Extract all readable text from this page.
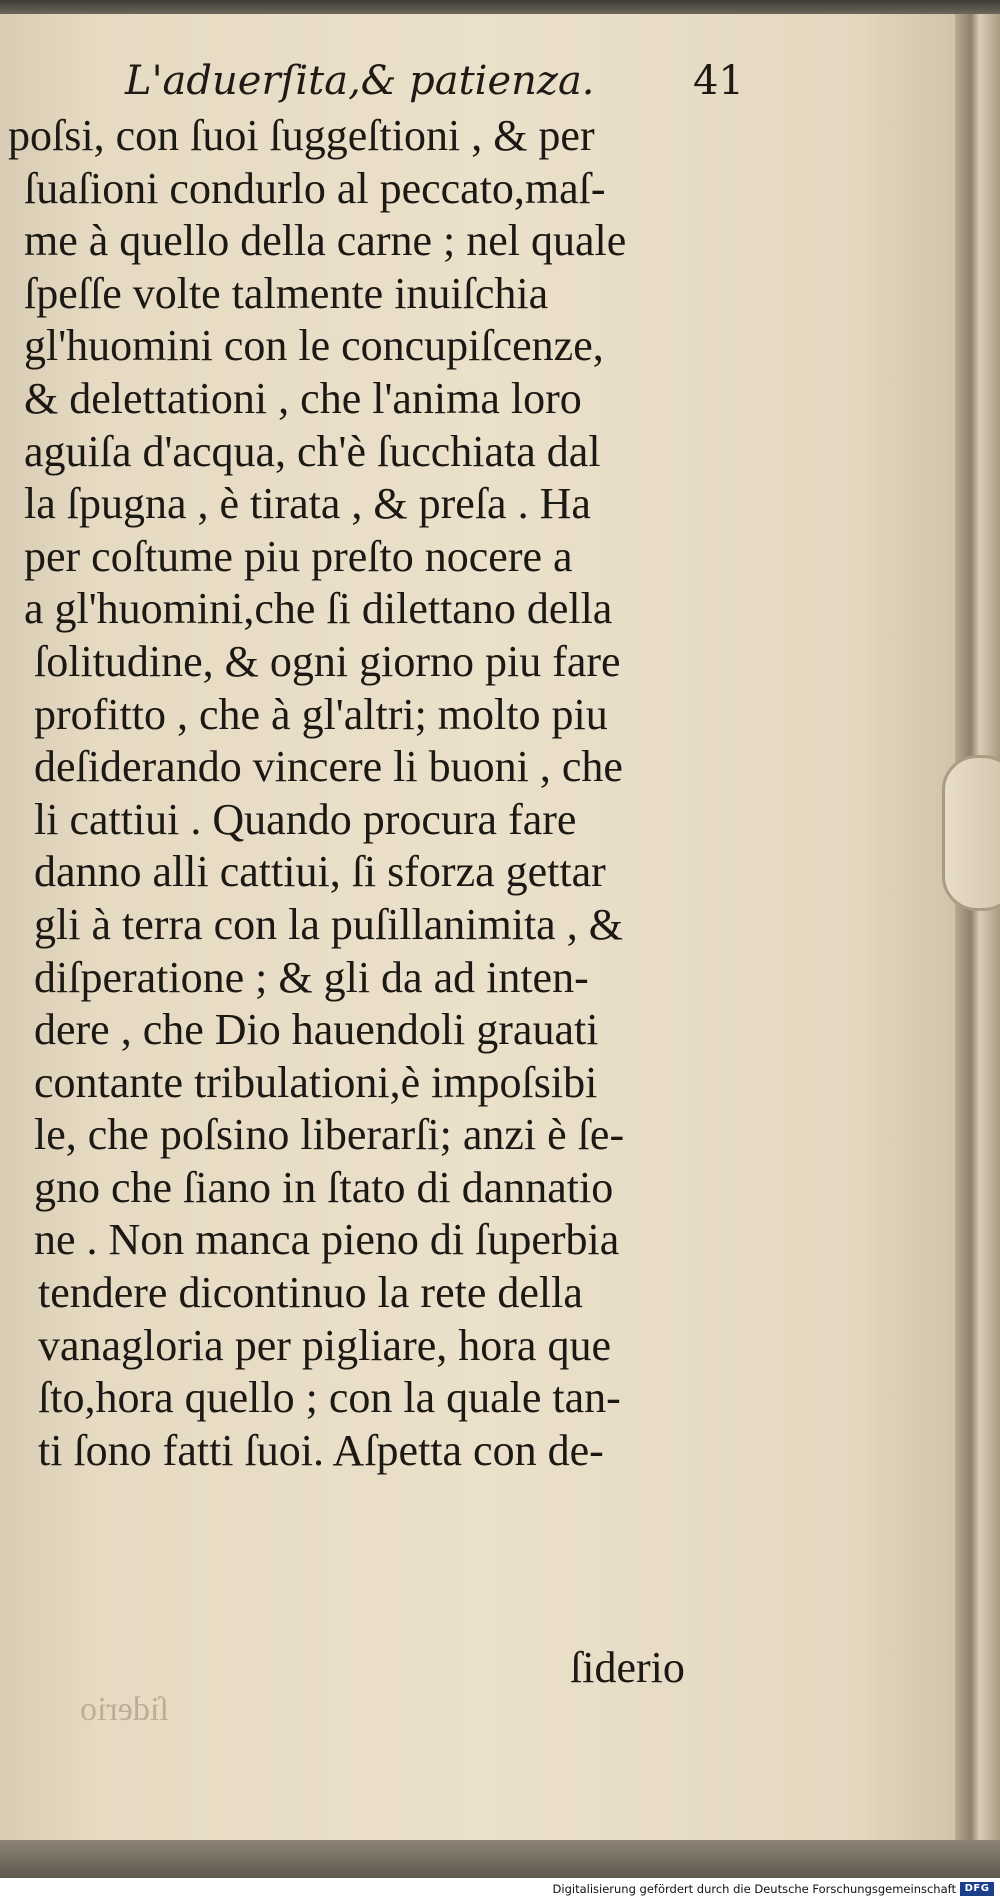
L'aduerſita,& patienza. 41
poſsi, con ſuoi ſuggeſtioni , & per
ſuaſioni condurlo al peccato,maſ-
me à quello della carne ; nel quale
ſpeſſe volte talmente inuiſchia
gl'huomini con le concupiſcenze,
& delettationi , che l'anima loro
aguiſa d'acqua, ch'è ſucchiata dal
la ſpugna , è tirata , & preſa . Ha
per coſtume piu preſto nocere a
a gl'huomini,che ſi dilettano della
ſolitudine, & ogni giorno piu fare
profitto , che à gl'altri; molto piu
deſiderando vincere li buoni , che
li cattiui . Quando procura fare
danno alli cattiui, ſi sforza gettar
gli à terra con la puſillanimita , &
diſperatione ; & gli da ad inten-
dere , che Dio hauendoli grauati
contante tribulationi,è impoſsibi
le, che poſsino liberarſi; anzi è ſe-
gno che ſiano in ſtato di dannatio
ne . Non manca pieno di ſuperbia
tendere dicontinuo la rete della
vanagloria per pigliare, hora que
ſto,hora quello ; con la quale tan-
ti ſono fatti ſuoi. Aſpetta con de-
ſiderio
ſiderio
Digitalisierung gefördert durch die Deutsche Forschungsgemeinschaft DFG
